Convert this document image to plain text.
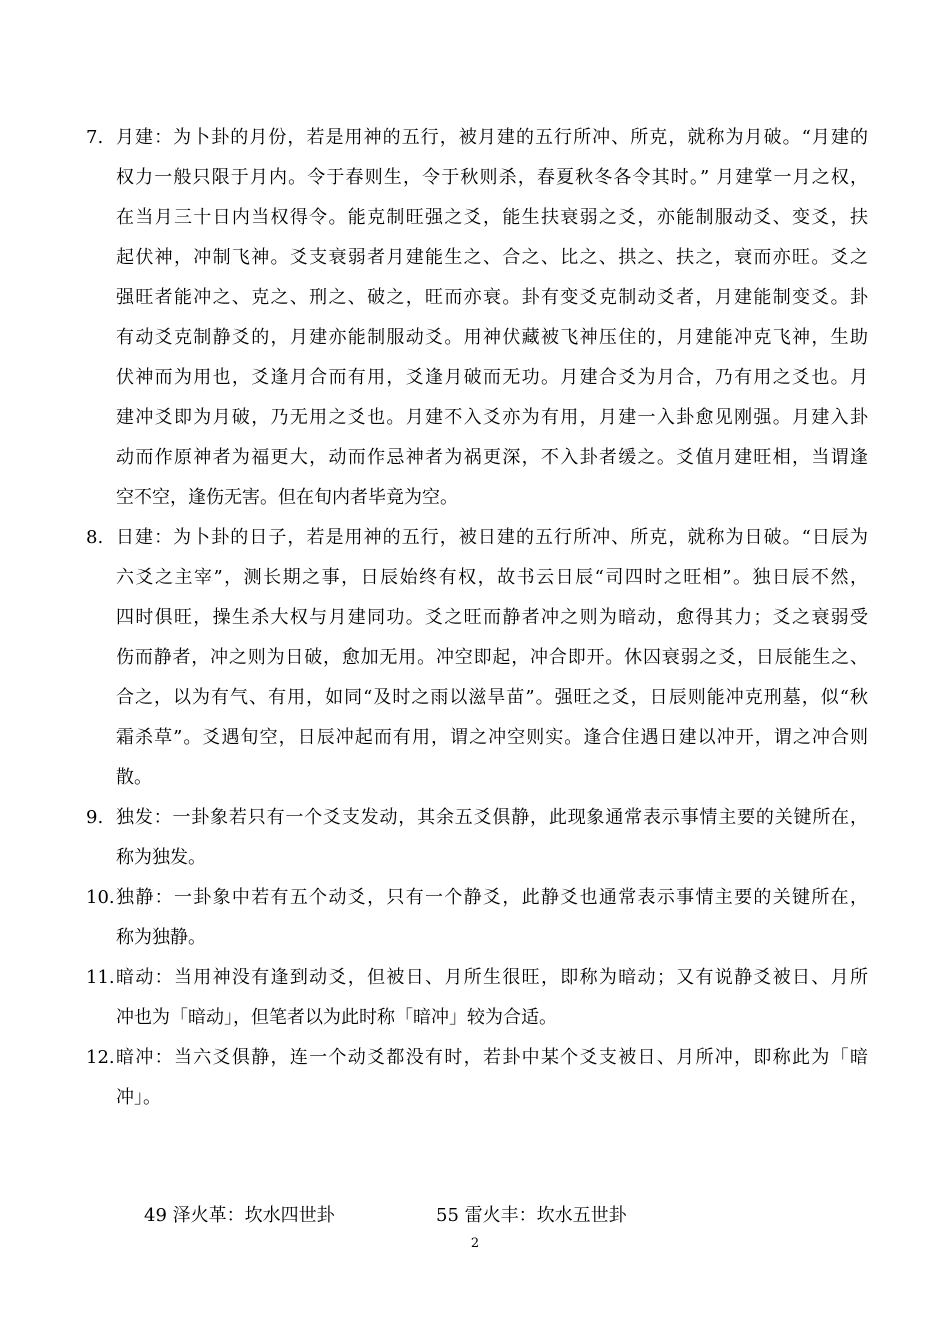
7. 月建：为卜卦的月份，若是用神的五行，被月建的五行所冲、所克，就称为月破。“月建的
权力一般只限于月内。令于春则生，令于秋则杀，春夏秋冬各令其时。” 月建掌一月之权，
在当月三十日内当权得令。能克制旺强之爻，能生扶衰弱之爻，亦能制服动爻、变爻，扶
起伏神，冲制飞神。爻支衰弱者月建能生之、合之、比之、拱之、扶之，衰而亦旺。爻之
强旺者能冲之、克之、刑之、破之，旺而亦衰。卦有变爻克制动爻者，月建能制变爻。卦
有动爻克制静爻的，月建亦能制服动爻。用神伏藏被飞神压住的，月建能冲克飞神，生助
伏神而为用也，爻逢月合而有用，爻逢月破而无功。月建合爻为月合，乃有用之爻也。月
建冲爻即为月破，乃无用之爻也。月建不入爻亦为有用，月建一入卦愈见刚强。月建入卦
动而作原神者为福更大，动而作忌神者为祸更深，不入卦者缓之。爻值月建旺相，当谓逢
空不空，逢伤无害。但在旬内者毕竟为空。
8. 日建：为卜卦的日子，若是用神的五行，被日建的五行所冲、所克，就称为日破。“日辰为
六爻之主宰”，测长期之事，日辰始终有权，故书云日辰“司四时之旺相”。独日辰不然，
四时俱旺，操生杀大权与月建同功。爻之旺而静者冲之则为暗动，愈得其力；爻之衰弱受
伤而静者，冲之则为日破，愈加无用。冲空即起，冲合即开。休囚衰弱之爻，日辰能生之、
合之，以为有气、有用，如同“及时之雨以滋旱苗”。强旺之爻，日辰则能冲克刑墓，似“秋
霜杀草”。爻遇旬空，日辰冲起而有用，谓之冲空则实。逢合住遇日建以冲开，谓之冲合则
散。
9. 独发：一卦象若只有一个爻支发动，其余五爻俱静，此现象通常表示事情主要的关键所在，
称为独发。
10. 独静：一卦象中若有五个动爻，只有一个静爻，此静爻也通常表示事情主要的关键所在，
称为独静。
11. 暗动：当用神没有逢到动爻，但被日、月所生很旺，即称为暗动；又有说静爻被日、月所
冲也为「暗动」，但笔者以为此时称「暗冲」较为合适。
12. 暗冲：当六爻俱静，连一个动爻都没有时，若卦中某个爻支被日、月所冲，即称此为「暗
冲」。
49 泽火革：坎水四世卦	55 雷火丰：坎水五世卦
2
